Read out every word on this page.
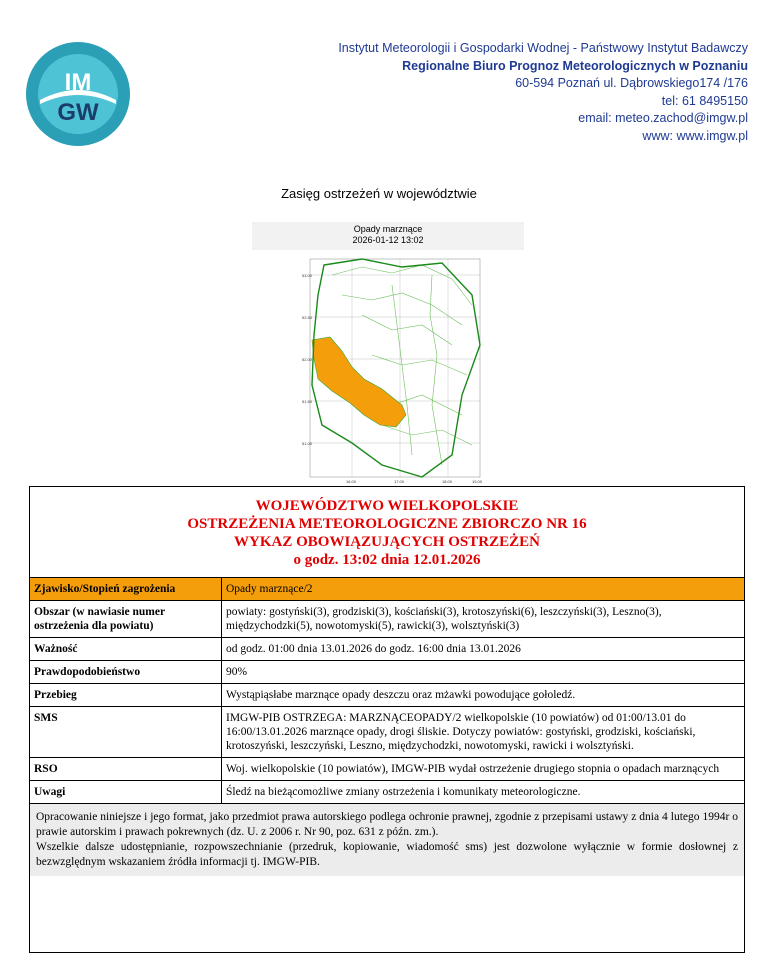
IM
GW
Instytut Meteorologii i Gospodarki Wodnej - Państwowy Instytut Badawczy
Regionalne Biuro Prognoz Meteorologicznych w Poznaniu
60-594 Poznań ul. Dąbrowskiego174 /176
tel: 61 8495150
email: meteo.zachod@imgw.pl
www: www.imgw.pl
Zasięg ostrzeżeń w województwie
Opady marznące
2026-01-12 13:02
53.00
52.50
52.00
51.50
51.00
16.00	17.00	18.00	19.00
WOJEWÓDZTWO WIELKOPOLSKIE
OSTRZEŻENIA METEOROLOGICZNE ZBIORCZO NR 16
WYKAZ OBOWIĄZUJĄCYCH OSTRZEŻEŃ
o godz. 13:02 dnia 12.01.2026
Zjawisko/Stopień zagrożenia	Opady marznące/2
Obszar (w nawiasie numer ostrzeżenia dla powiatu)	powiaty: gostyński(3), grodziski(3), kościański(3), krotoszyński(6), leszczyński(3), Leszno(3), międzychodzki(5), nowotomyski(5), rawicki(3), wolsztyński(3)
Ważność	od godz. 01:00 dnia 13.01.2026 do godz. 16:00 dnia 13.01.2026
Prawdopodobieństwo	90%
Przebieg	Wystąpiąsłabe marznące opady deszczu oraz mżawki powodujące gołoledź.
SMS	IMGW-PIB OSTRZEGA: MARZNĄCEOPADY/2 wielkopolskie (10 powiatów) od 01:00/13.01 do 16:00/13.01.2026 marznące opady, drogi śliskie. Dotyczy powiatów: gostyński, grodziski, kościański, krotoszyński, leszczyński, Leszno, międzychodzki, nowotomyski, rawicki i wolsztyński.
RSO	Woj. wielkopolskie (10 powiatów), IMGW-PIB wydał ostrzeżenie drugiego stopnia o opadach marznących
Uwagi	Śledź na bieżącomożliwe zmiany ostrzeżenia i komunikaty meteorologiczne.
Opracowanie niniejsze i jego format, jako przedmiot prawa autorskiego podlega ochronie prawnej, zgodnie z przepisami ustawy z dnia 4 lutego 1994r o prawie autorskim i prawach pokrewnych (dz. U. z 2006 r. Nr 90, poz. 631 z późn. zm.).
Wszelkie dalsze udostępnianie, rozpowszechnianie (przedruk, kopiowanie, wiadomość sms) jest dozwolone wyłącznie w formie dosłownej z bezwzględnym wskazaniem źródła informacji tj. IMGW-PIB.
